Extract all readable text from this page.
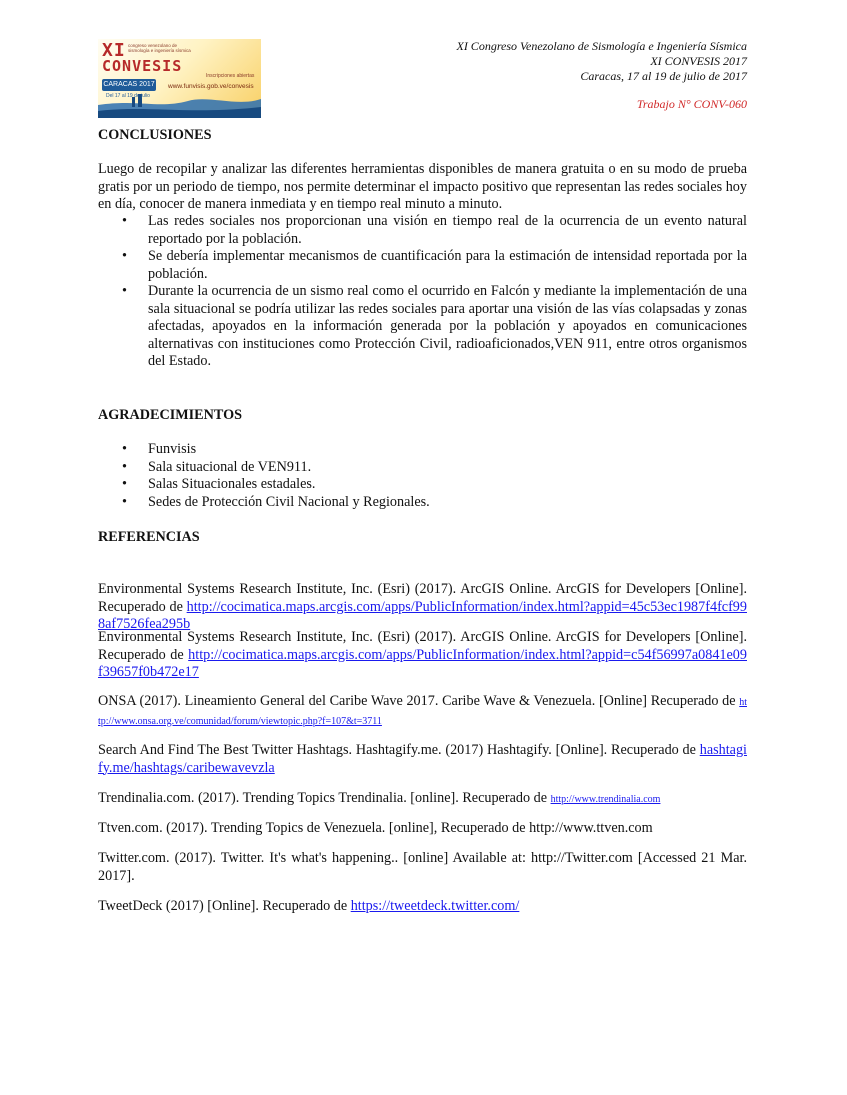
XI congreso venezolano de sismología e ingeniería sísmica
CONVESIS
Inscripciones abiertas
CARACAS 2017
Del 17 al 19 de julio
www.funvisis.gob.ve/convesis
XI Congreso Venezolano de Sismología e Ingeniería Sísmica
XI CONVESIS 2017
Caracas, 17 al 19 de julio de 2017
Trabajo N° CONV-060
CONCLUSIONES
Luego de recopilar y analizar las diferentes herramientas disponibles de manera gratuita o en su modo de prueba gratis por un periodo de tiempo, nos permite determinar el impacto positivo que representan las redes sociales hoy en día, conocer de manera inmediata y en tiempo real minuto a minuto.
• Las redes sociales nos proporcionan una visión en tiempo real de la ocurrencia de un evento natural reportado por la población.
• Se debería implementar mecanismos de cuantificación para la estimación de intensidad reportada por la población.
• Durante la ocurrencia de un sismo real como el ocurrido en Falcón y mediante la implementación de una sala situacional se podría utilizar las redes sociales para aportar una visión de las vías colapsadas y zonas afectadas, apoyados en la información generada por la población y apoyados en comunicaciones alternativas con instituciones como Protección Civil, radioaficionados,VEN 911, entre otros organismos del Estado.
AGRADECIMIENTOS
• Funvisis
• Sala situacional de VEN911.
• Salas Situacionales estadales.
• Sedes de Protección Civil Nacional y Regionales.
REFERENCIAS
Environmental Systems Research Institute, Inc. (Esri) (2017). ArcGIS Online. ArcGIS for Developers [Online]. Recuperado de http://cocimatica.maps.arcgis.com/apps/PublicInformation/index.html?appid=45c53ec1987f4fcf998af7526fea295b
Environmental Systems Research Institute, Inc. (Esri) (2017). ArcGIS Online. ArcGIS for Developers [Online]. Recuperado de http://cocimatica.maps.arcgis.com/apps/PublicInformation/index.html?appid=c54f56997a0841e09f39657f0b472e17
ONSA (2017). Lineamiento General del Caribe Wave 2017. Caribe Wave & Venezuela. [Online] Recuperado de http://www.onsa.org.ve/comunidad/forum/viewtopic.php?f=107&t=3711
Search And Find The Best Twitter Hashtags. Hashtagify.me. (2017) Hashtagify. [Online]. Recuperado de hashtagify.me/hashtags/caribewavevzla
Trendinalia.com. (2017). Trending Topics Trendinalia. [online]. Recuperado de http://www.trendinalia.com
Ttven.com. (2017). Trending Topics de Venezuela. [online], Recuperado de http://www.ttven.com
Twitter.com. (2017). Twitter. It's what's happening.. [online] Available at: http://Twitter.com [Accessed 21 Mar. 2017].
TweetDeck (2017) [Online]. Recuperado de https://tweetdeck.twitter.com/
